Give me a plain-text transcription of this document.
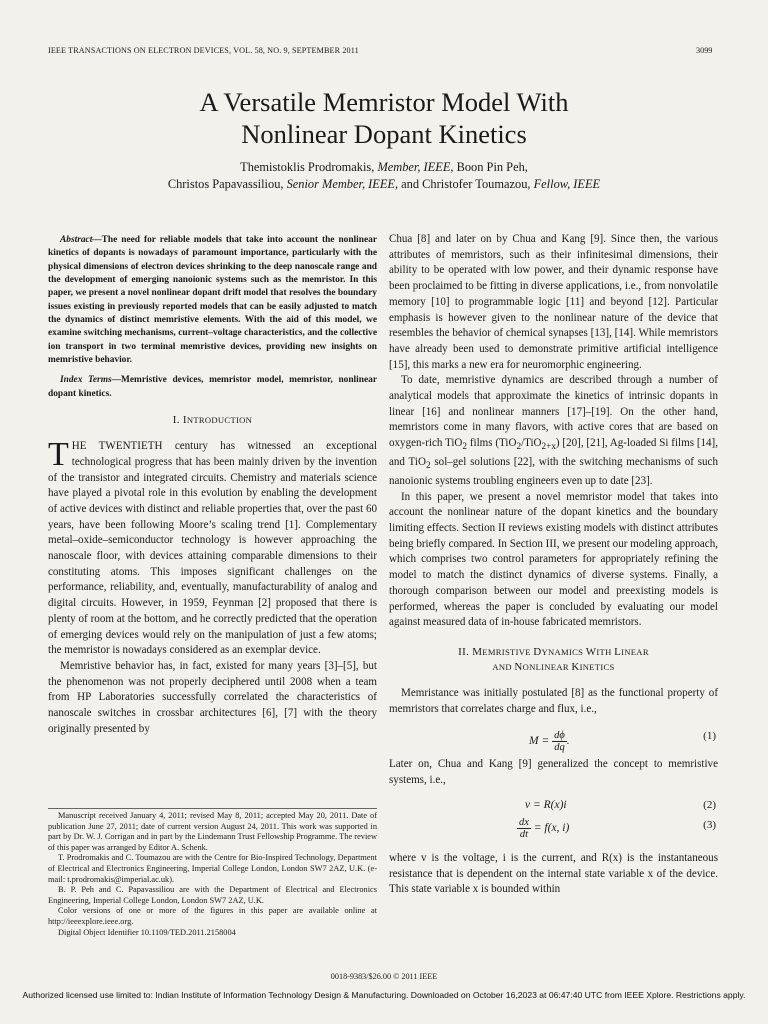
IEEE TRANSACTIONS ON ELECTRON DEVICES, VOL. 58, NO. 9, SEPTEMBER 2011	3099
A Versatile Memristor Model With
Nonlinear Dopant Kinetics
Themistoklis Prodromakis, Member, IEEE, Boon Pin Peh,
Christos Papavassiliou, Senior Member, IEEE, and Christofer Toumazou, Fellow, IEEE

Abstract—The need for reliable models that take into account the nonlinear kinetics of dopants is nowadays of paramount importance, particularly with the physical dimensions of electron devices shrinking to the deep nanoscale range and the development of emerging nanoionic systems such as the memristor. In this paper, we present a novel nonlinear dopant drift model that resolves the boundary issues existing in previously reported models that can be easily adjusted to match the dynamics of distinct memristive elements. With the aid of this model, we examine switching mechanisms, current–voltage characteristics, and the collective ion transport in two terminal memristive devices, providing new insights on memristive behavior.

Index Terms—Memristive devices, memristor model, memristor, nonlinear dopant kinetics.

I. INTRODUCTION

THE TWENTIETH century has witnessed an exceptional technological progress that has been mainly driven by the invention of the transistor and integrated circuits. Chemistry and materials science have played a pivotal role in this evolution by enabling the development of active devices with distinct and reliable properties that, over the past 60 years, have been following Moore’s scaling trend [1]. Complementary metal–oxide–semiconductor technology is however approaching the nanoscale floor, with devices attaining comparable dimensions to their constituting atoms. This imposes significant challenges on the performance, reliability, and, eventually, manufacturability of analog and digital circuits. However, in 1959, Feynman [2] proposed that there is plenty of room at the bottom, and he correctly predicted that the operation of emerging devices would rely on the manipulation of just a few atoms; the memristor is nowadays considered as an exemplar device.

Memristive behavior has, in fact, existed for many years [3]–[5], but the phenomenon was not properly deciphered until 2008 when a team from HP Laboratories successfully correlated the characteristics of nanoscale switches in crossbar architectures [6], [7] with the theory originally presented by

Manuscript received January 4, 2011; revised May 8, 2011; accepted May 20, 2011. Date of publication June 27, 2011; date of current version August 24, 2011. This work was supported in part by Dr. W. J. Corrigan and in part by the Lindemann Trust Fellowship Programme. The review of this paper was arranged by Editor A. Schenk.

T. Prodromakis and C. Toumazou are with the Centre for Bio-Inspired Technology, Department of Electrical and Electronics Engineering, Imperial College London, London SW7 2AZ, U.K. (e-mail: t.prodromakis@imperial.ac.uk).

B. P. Peh and C. Papavassiliou are with the Department of Electrical and Electronics Engineering, Imperial College London, London SW7 2AZ, U.K.

Color versions of one or more of the figures in this paper are available online at http://ieeexplore.ieee.org.

Digital Object Identifier 10.1109/TED.2011.2158004

Chua [8] and later on by Chua and Kang [9]. Since then, the various attributes of memristors, such as their infinitesimal dimensions, their ability to be operated with low power, and their dynamic response have been proclaimed to be fitting in diverse applications, i.e., from nonvolatile memory [10] to programmable logic [11] and beyond [12]. Particular emphasis is however given to the nonlinear nature of the device that resembles the behavior of chemical synapses [13], [14]. While memristors have already been used to demonstrate primitive artificial intelligence [15], this marks a new era for neuromorphic engineering.

To date, memristive dynamics are described through a number of analytical models that approximate the kinetics of intrinsic dopants in linear [16] and nonlinear manners [17]–[19]. On the other hand, memristors come in many flavors, with active cores that are based on oxygen-rich TiO$_2$ films (TiO$_2$/TiO$_{2+x}$) [20], [21], Ag-loaded Si films [14], and TiO$_2$ sol–gel solutions [22], with the switching mechanisms of such nanoionic systems troubling engineers even up to date [23].

In this paper, we present a novel memristor model that takes into account the nonlinear nature of the dopant kinetics and the boundary limiting effects. Section II reviews existing models with distinct attributes being briefly compared. In Section III, we present our modeling approach, which comprises two control parameters for appropriately refining the model to match the distinct dynamics of diverse systems. Finally, a thorough comparison between our model and preexisting models is performed, whereas the paper is concluded by evaluating our model against measured data of in-house fabricated memristors.

II. MEMRISTIVE DYNAMICS WITH LINEAR
AND NONLINEAR KINETICS

Memristance was initially postulated [8] as the functional property of memristors that correlates charge and flux, i.e.,

$M = \frac{d\phi}{dq}$ .	(1)

Later on, Chua and Kang [9] generalized the concept to memristive systems, i.e.,

v = R(x)i	(2)
$\frac{dx}{dt} = f(x$, i)	(3)

where v is the voltage, i is the current, and R(x) is the instantaneous resistance that is dependent on the internal state variable x of the device. This state variable x is bounded within

0018-9383/$26.00 © 2011 IEEE
Authorized licensed use limited to: Indian Institute of Information Technology Design & Manufacturing. Downloaded on October 16,2023 at 06:47:40 UTC from IEEE Xplore. Restrictions apply.
